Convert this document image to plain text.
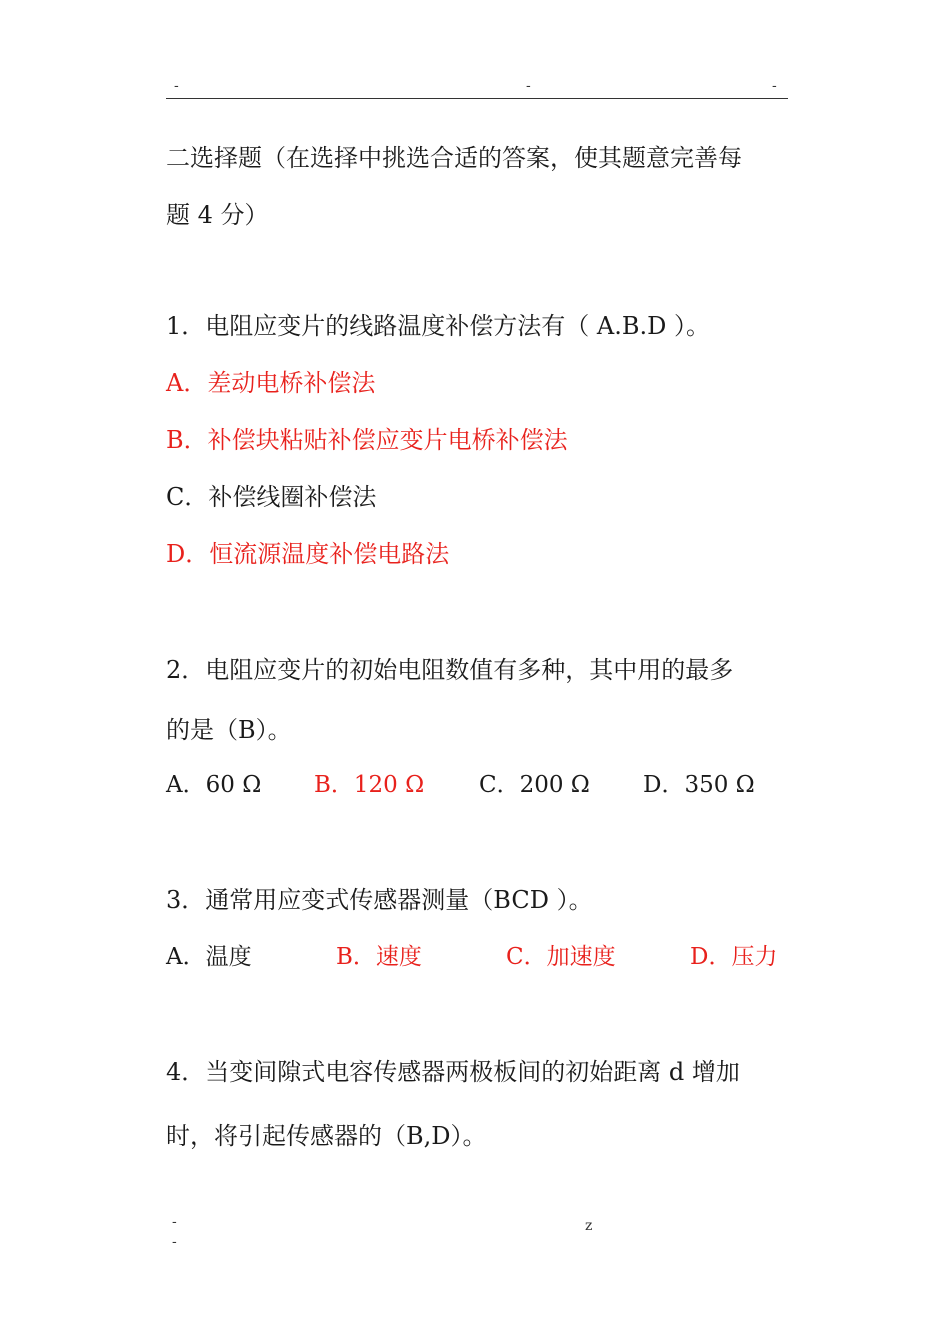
-	-	-
二选择题（在选择中挑选合适的答案，使其题意完善每
题 4 分）
1．电阻应变片的线路温度补偿方法有（ A.B.D ）。
A．差动电桥补偿法
B．补偿块粘贴补偿应变片电桥补偿法
C．补偿线圈补偿法
D．恒流源温度补偿电路法
2．电阻应变片的初始电阻数值有多种，其中用的最多
的是（B）。
A．60 Ω B．120 Ω C．200 Ω D．350 Ω
3．通常用应变式传感器测量（BCD ）。
A．温度	B．速度	C．加速度	D．压力
4．当变间隙式电容传感器两极板间的初始距离 d 增加
时，将引起传感器的（B,D）。
-
-
z
